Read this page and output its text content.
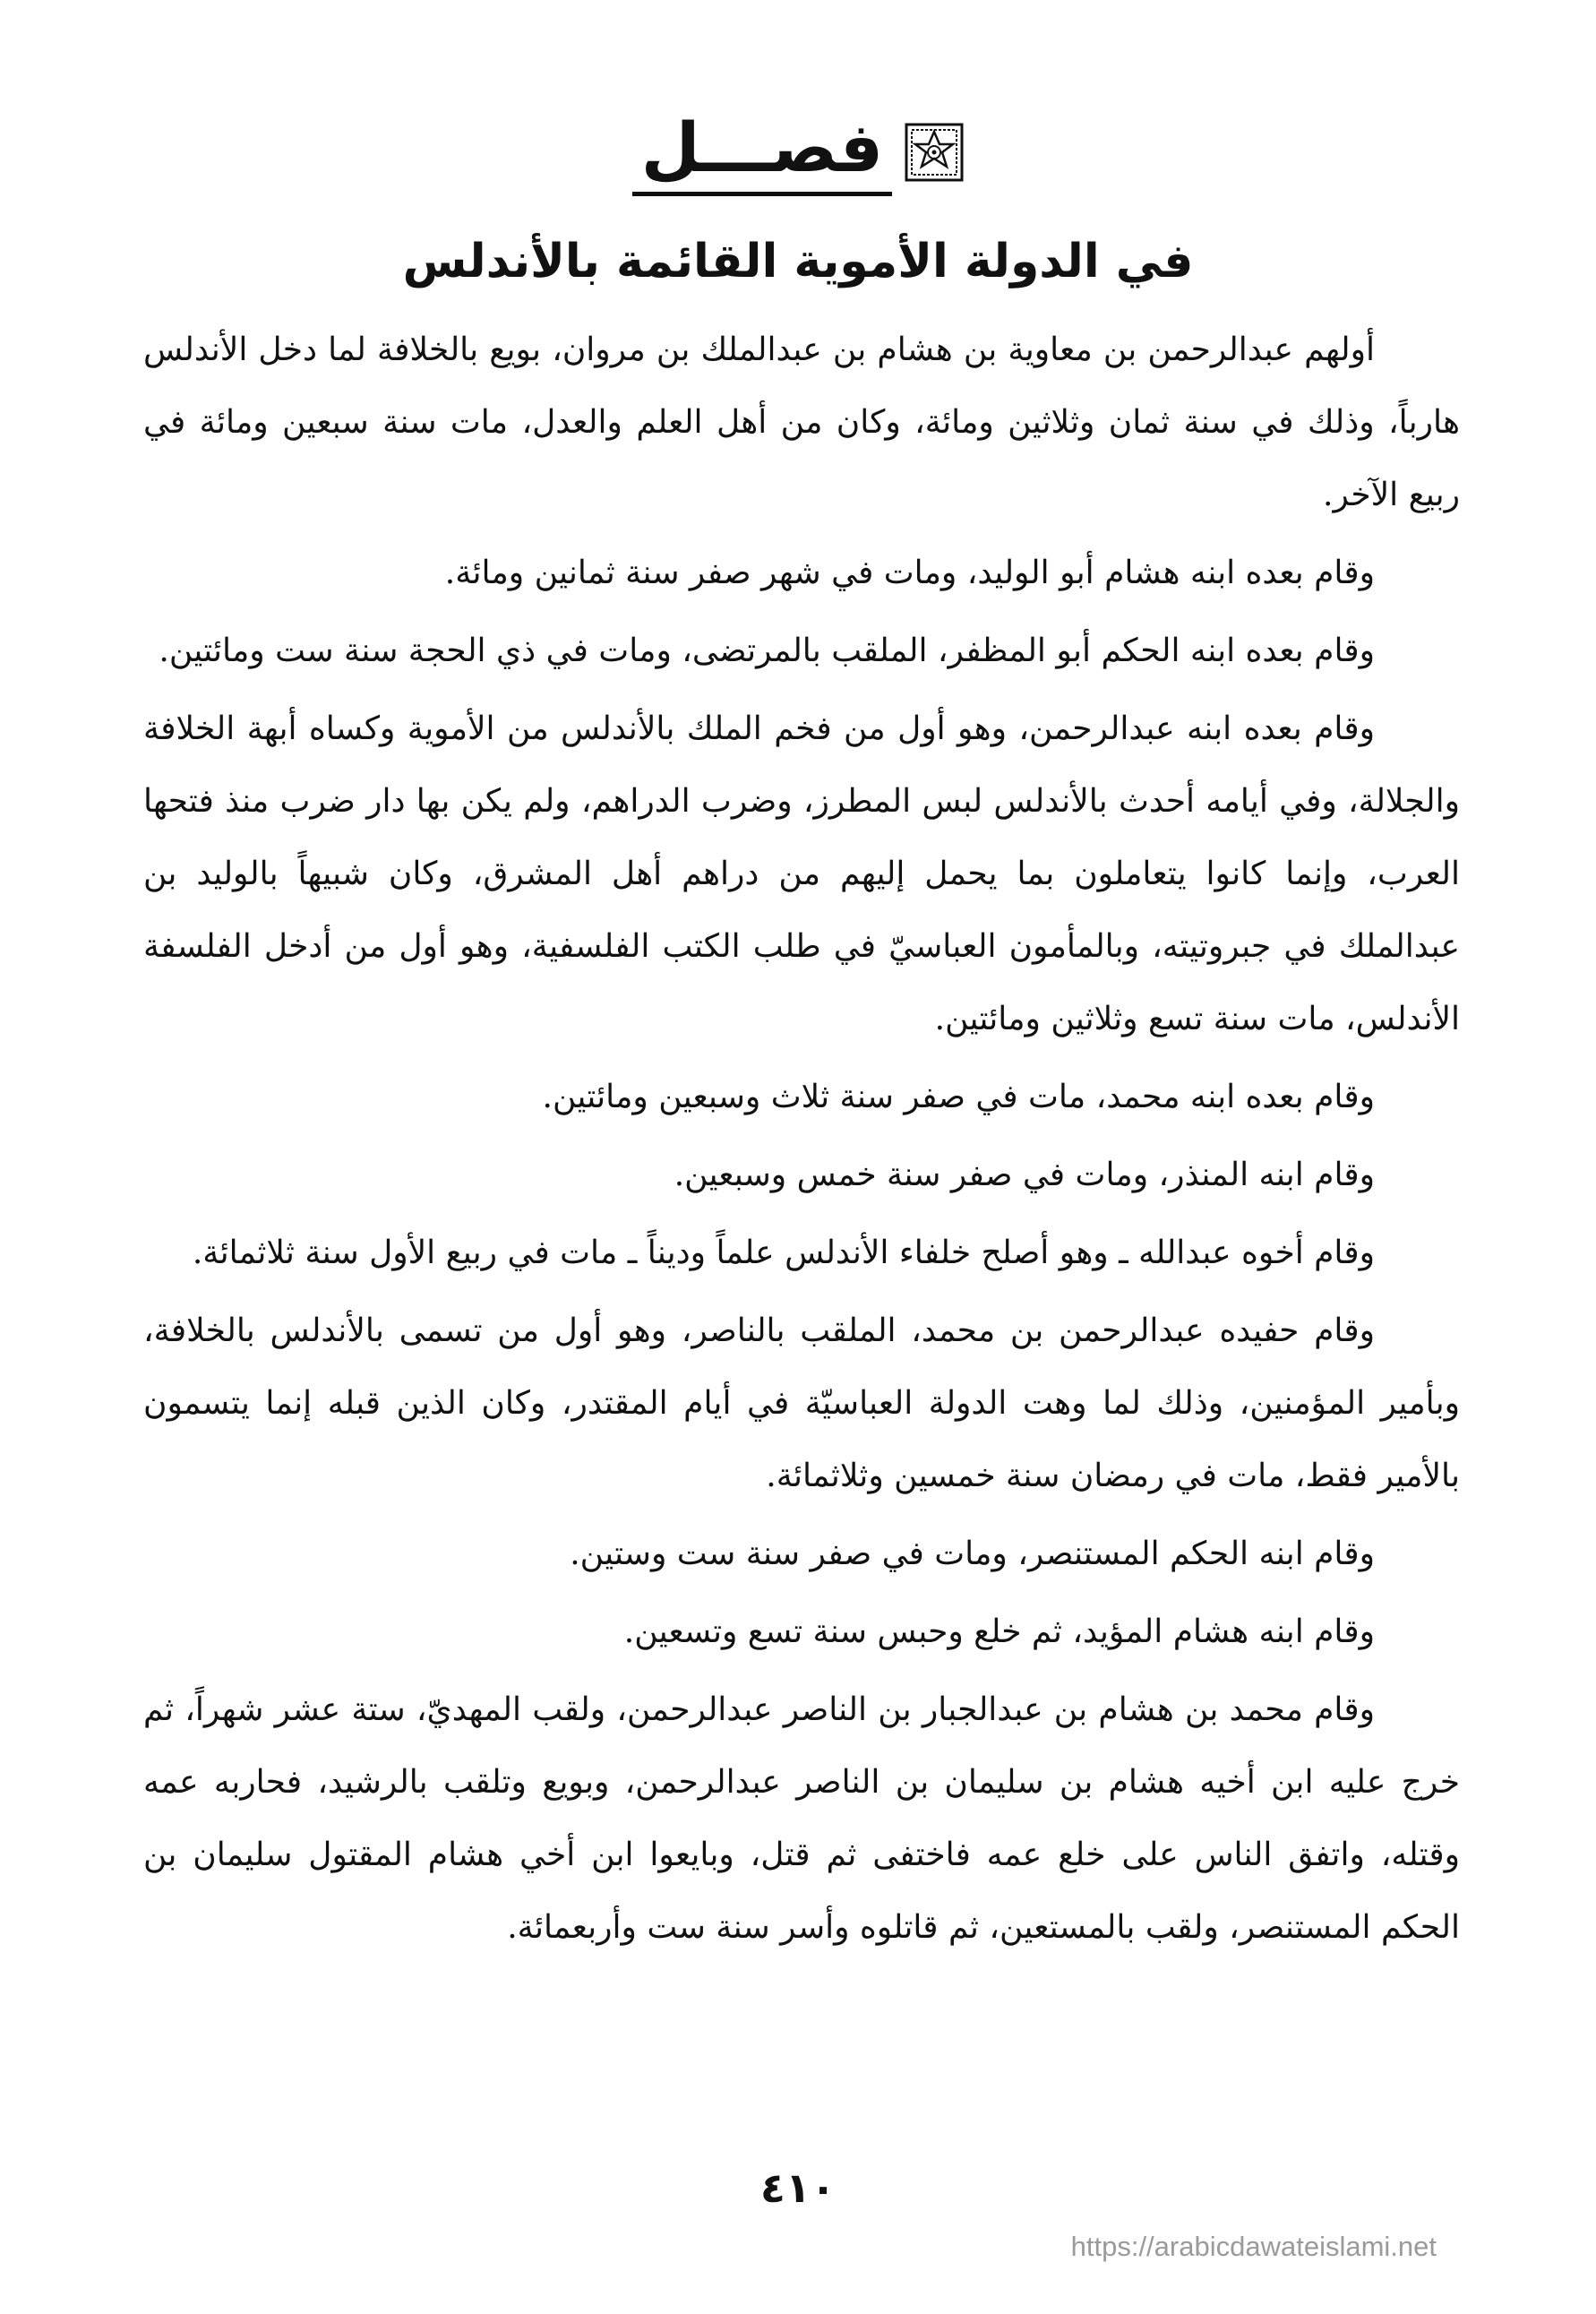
فصـــل
في الدولة الأموية القائمة بالأندلس

أولهم عبدالرحمن بن معاوية بن هشام بن عبدالملك بن مروان، بويع بالخلافة لما دخل الأندلس هارباً، وذلك في سنة ثمان وثلاثين ومائة، وكان من أهل العلم والعدل، مات سنة سبعين ومائة في ربيع الآخر.

وقام بعده ابنه هشام أبو الوليد، ومات في شهر صفر سنة ثمانين ومائة.

وقام بعده ابنه الحكم أبو المظفر، الملقب بالمرتضى، ومات في ذي الحجة سنة ست ومائتين.

وقام بعده ابنه عبدالرحمن، وهو أول من فخم الملك بالأندلس من الأموية وكساه أبهة الخلافة والجلالة، وفي أيامه أحدث بالأندلس لبس المطرز، وضرب الدراهم، ولم يكن بها دار ضرب منذ فتحها العرب، وإنما كانوا يتعاملون بما يحمل إليهم من دراهم أهل المشرق، وكان شبيهاً بالوليد بن عبدالملك في جبروتيته، وبالمأمون العباسيّ في طلب الكتب الفلسفية، وهو أول من أدخل الفلسفة الأندلس، مات سنة تسع وثلاثين ومائتين.

وقام بعده ابنه محمد، مات في صفر سنة ثلاث وسبعين ومائتين.

وقام ابنه المنذر، ومات في صفر سنة خمس وسبعين.

وقام أخوه عبدالله ـ وهو أصلح خلفاء الأندلس علماً وديناً ـ مات في ربيع الأول سنة ثلاثمائة.

وقام حفيده عبدالرحمن بن محمد، الملقب بالناصر، وهو أول من تسمى بالأندلس بالخلافة، وبأمير المؤمنين، وذلك لما وهت الدولة العباسيّة في أيام المقتدر، وكان الذين قبله إنما يتسمون بالأمير فقط، مات في رمضان سنة خمسين وثلاثمائة.

وقام ابنه الحكم المستنصر، ومات في صفر سنة ست وستين.

وقام ابنه هشام المؤيد، ثم خلع وحبس سنة تسع وتسعين.

وقام محمد بن هشام بن عبدالجبار بن الناصر عبدالرحمن، ولقب المهديّ، ستة عشر شهراً، ثم خرج عليه ابن أخيه هشام بن سليمان بن الناصر عبدالرحمن، وبويع وتلقب بالرشيد، فحاربه عمه وقتله، واتفق الناس على خلع عمه فاختفى ثم قتل، وبايعوا ابن أخي هشام المقتول سليمان بن الحكم المستنصر، ولقب بالمستعين، ثم قاتلوه وأسر سنة ست وأربعمائة.

٤١٠
https://arabicdawateislami.net
